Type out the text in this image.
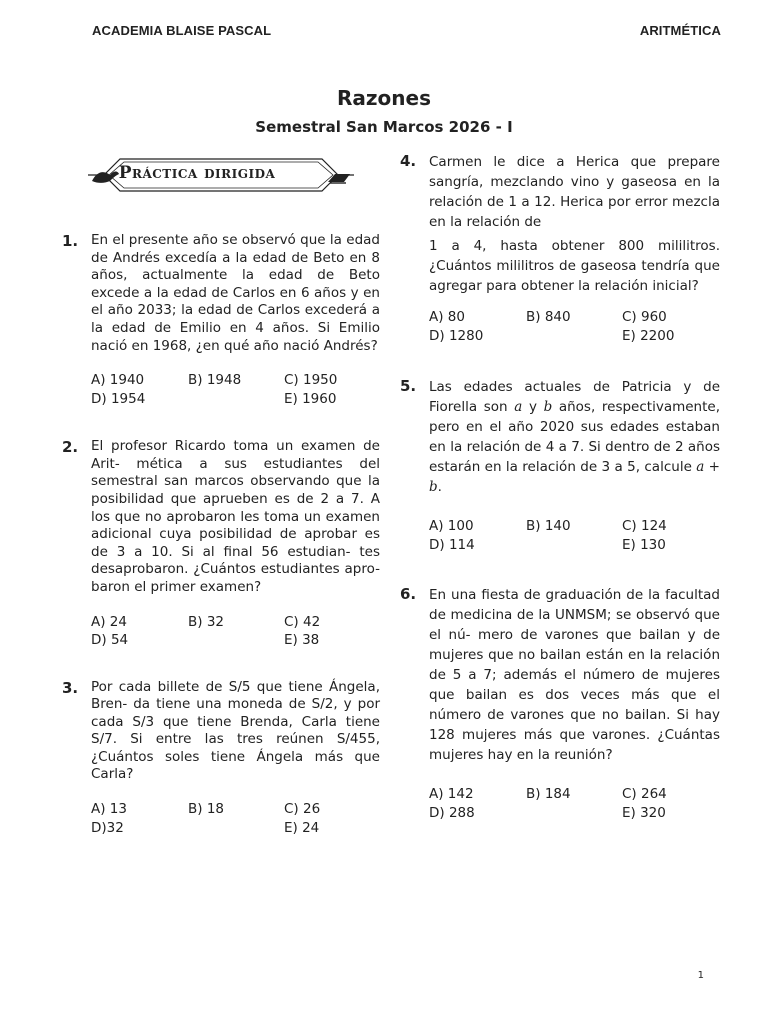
ACADEMIA BLAISE PASCAL	ARITMÉTICA
Razones
Semestral San Marcos 2026 - I
Práctica dirigida
1. En el presente año se observó que la edad de Andrés excedía a la edad de Beto en 8 años, actualmente la edad de Beto excede a la edad de Carlos en 6 años y en el año 2033; la edad de Carlos excederá a la edad de Emilio en 4 años. Si Emilio nació en 1968, ¿en qué año nació Andrés?
A) 1940	B) 1948	C) 1950
D) 1954	E) 1960
2. El profesor Ricardo toma un examen de Arit- mética a sus estudiantes del semestral san marcos observando que la posibilidad que aprueben es de 2 a 7. A los que no aprobaron les toma un examen adicional cuya posibilidad de aprobar es de 3 a 10. Si al final 56 estudian- tes desaprobaron. ¿Cuántos estudiantes apro- baron el primer examen?
A) 24	B) 32	C) 42
D) 54	E) 38
3. Por cada billete de S/5 que tiene Ángela, Bren- da tiene una moneda de S/2, y por cada S/3 que tiene Brenda, Carla tiene S/7. Si entre las tres reúnen S/455, ¿Cuántos soles tiene Ángela más que Carla?
A) 13	B) 18	C) 26
D)32	E) 24
4. Carmen le dice a Herica que prepare sangría, mezclando vino y gaseosa en la relación de 1 a 12. Herica por error mezcla en la relación de
1 a 4, hasta obtener 800 mililitros. ¿Cuántos mililitros de gaseosa tendría que agregar para obtener la relación inicial?
A) 80	B) 840	C) 960
D) 1280	E) 2200
5. Las edades actuales de Patricia y de Fiorella son a y b años, respectivamente, pero en el año 2020 sus edades estaban en la relación de 4 a 7. Si dentro de 2 años estarán en la relación de 3 a 5, calcule a + b.
A) 100	B) 140	C) 124
D) 114	E) 130
6. En una fiesta de graduación de la facultad de medicina de la UNMSM; se observó que el nú- mero de varones que bailan y de mujeres que no bailan están en la relación de 5 a 7; además el número de mujeres que bailan es dos veces más que el número de varones que no bailan. Si hay 128 mujeres más que varones. ¿Cuántas mujeres hay en la reunión?
A) 142	B) 184	C) 264
D) 288	E) 320
1
